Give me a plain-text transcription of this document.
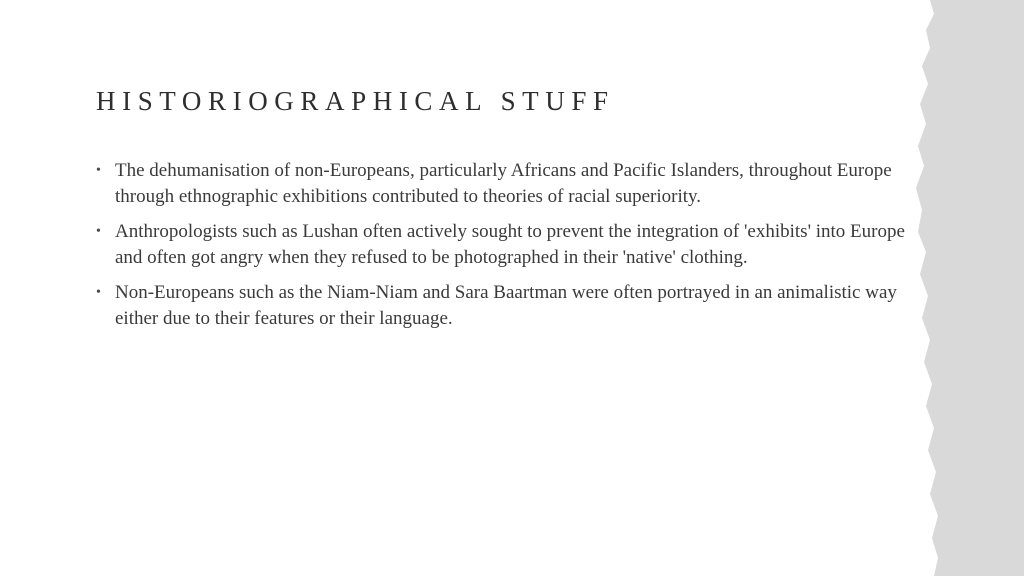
HISTORIOGRAPHICAL STUFF
• The dehumanisation of non-Europeans, particularly Africans and Pacific Islanders, throughout Europe through ethnographic exhibitions contributed to theories of racial superiority.
• Anthropologists such as Lushan often actively sought to prevent the integration of 'exhibits' into Europe and often got angry when they refused to be photographed in their 'native' clothing.
• Non-Europeans such as the Niam-Niam and Sara Baartman were often portrayed in an animalistic way either due to their features or their language.
